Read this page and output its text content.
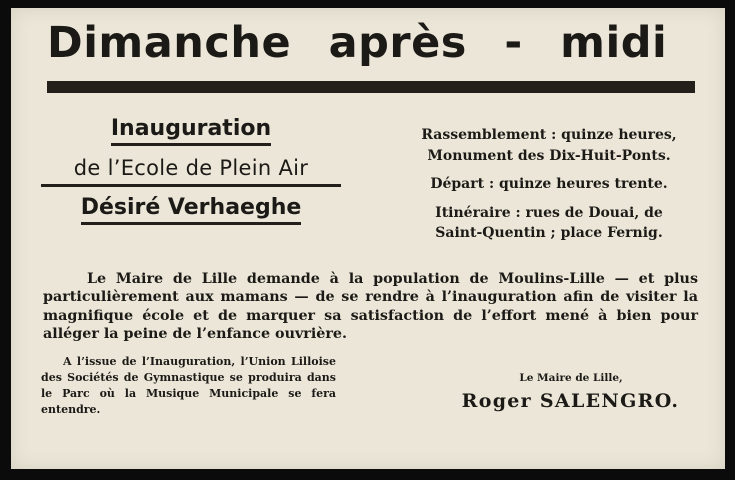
Dimanche après - midi
Inauguration
de l’Ecole de Plein Air
Désiré Verhaeghe
Rassemblement : quinze heures,
Monument des Dix-Huit-Ponts.
Départ : quinze heures trente.
Itinéraire : rues de Douai, de
Saint-Quentin ; place Fernig.
Le Maire de Lille demande à la population de Moulins-Lille — et plus particulièrement aux mamans — de se rendre à l’inauguration afin de visiter la magnifique école et de marquer sa satisfaction de l’effort mené à bien pour alléger la peine de l’enfance ouvrière.
A l’issue de l’Inauguration, l’Union Lilloise des Sociétés de Gymnastique se produira dans le Parc où la Musique Municipale se fera entendre.
Le Maire de Lille,
Roger SALENGRO.
